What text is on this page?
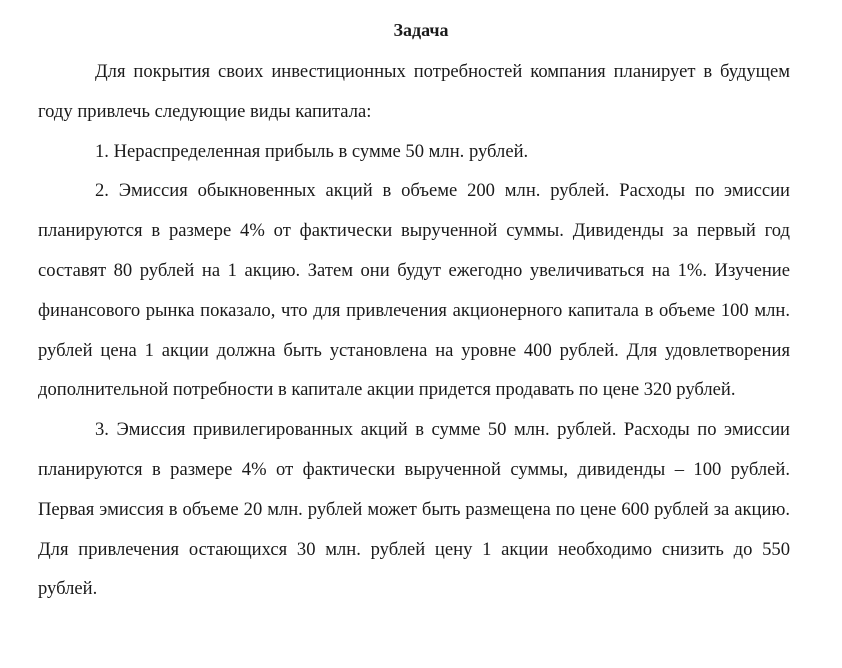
Задача

Для покрытия своих инвестиционных потребностей компания планирует в будущем году привлечь следующие виды капитала:

1. Нераспределенная прибыль в сумме 50 млн. рублей.

2. Эмиссия обыкновенных акций в объеме 200 млн. рублей. Расходы по эмиссии планируются в размере 4% от фактически вырученной суммы. Дивиденды за первый год составят 80 рублей на 1 акцию. Затем они будут ежегодно увеличиваться на 1%. Изучение финансового рынка показало, что для привлечения акционерного капитала в объеме 100 млн. рублей цена 1 акции должна быть установлена на уровне 400 рублей. Для удовлетворения дополнительной потребности в капитале акции придется продавать по цене 320 рублей.

3. Эмиссия привилегированных акций в сумме 50 млн. рублей. Расходы по эмиссии планируются в размере 4% от фактически вырученной суммы, дивиденды – 100 рублей. Первая эмиссия в объеме 20 млн. рублей может быть размещена по цене 600 рублей за акцию. Для привлечения остающихся 30 млн. рублей цену 1 акции необходимо снизить до 550 рублей.
